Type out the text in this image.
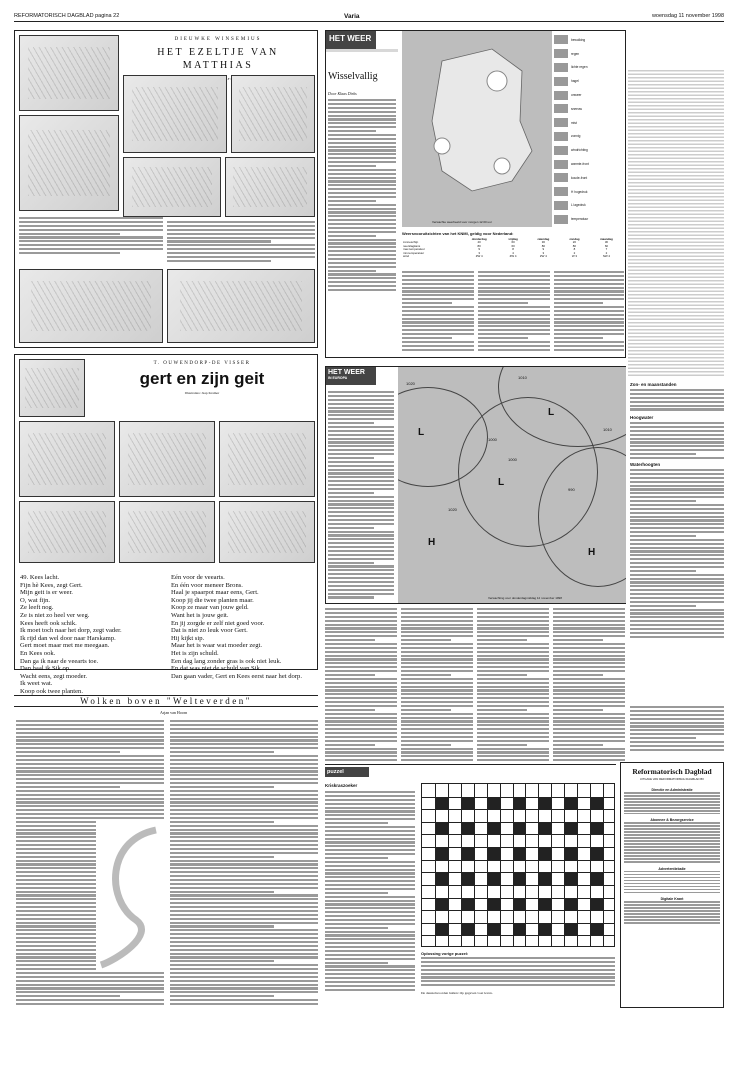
REFORMATORISCH DAGBLAD pagina 22	Varia	woensdag 11 november 1998
DIEUWKE WINSEMIUS
HET EZELTJE VAN MATTHIAS
T. OUWENDORP-DE VISSER
gert en zijn geit
Illustraties: Jaap Kramer
49. Kees lacht.
Fijn hè Kees, zegt Gert.
Mijn geit is er weer.
O, wat fijn.
Ze leeft nog.
Ze is niet zo heel ver weg.
Kees heeft ook schik.
Ik moet toch naar het dorp, zegt vader.
Ik rijd dan wel door naar Harskamp.
Gert moet maar met me meegaan.
En Kees ook.
Dan ga ik naar de veearts toe.
Dan haal ik Sik op.
Wacht eens, zegt moeder.
Ik weet wat.
Koop ook twee planten.
Eén voor de veearts.
En één voor meneer Brons.
Haal je spaarpot maar eens, Gert.
Koop jij die twee planten maar.
Koop ze maar van jouw geld.
Want het is jouw geit.
En jij zorgde er zelf niet goed voor.
Dat is niet zo leuk voor Gert.
Hij kijkt sip.
Maar het is waar wat moeder zegt.
Het is zijn schuld.
Een dag lang zonder gras is ook niet leuk.
En dat was niet de schuld van Sik.
Dan gaan vader, Gert en Kees eerst naar het dorp.
Wolken boven "Welteverden"
Arjan van Hoorn
HET WEER
Wisselvallig
Door Klaas Dirks
Verwachte weerbeeld voor morgen 12.00 uur
bewolking
regen
lichte regen
hagel
onweer
sneeuw
mist
zonnig
windrichting
warmte-front
koude-front
H hogedruk
L lagedruk
temperatuur
Weersvooruitzichten van het KNMI, geldig voor Nederland:
	donderdag	vrijdag	zaterdag	zondag	maandag
zonneschijn	40	60	30	20	30
neerslagkans	80	60	80	80	60
max.temperatuur	9	8	9	8	7
min.temperatuur	3	4	3	2	2
wind	ZW 4	ZW 4	ZW 4	W 3	NW 4
HET WEER
IN EUROPA
L
L
L
H
H
1020
1010
1000
990
1020
1000
1010
Verwachting voor donderdagmiddag 12 november 1998
Zon- en maanstanden
Hoogwater
Waterhoogten
puzzel
Kriskraszoeker
Oplossing vorige puzzel:
De deustelwoorden luiden: Op gegeven voet leven.
Reformatorisch Dagblad
UITGAVE VAN REFORMATORISCH DAGBLAD BV
Directie en Administratie
Abonnee & Bezorgservice
Advertentiebalie
Digitale Krant
